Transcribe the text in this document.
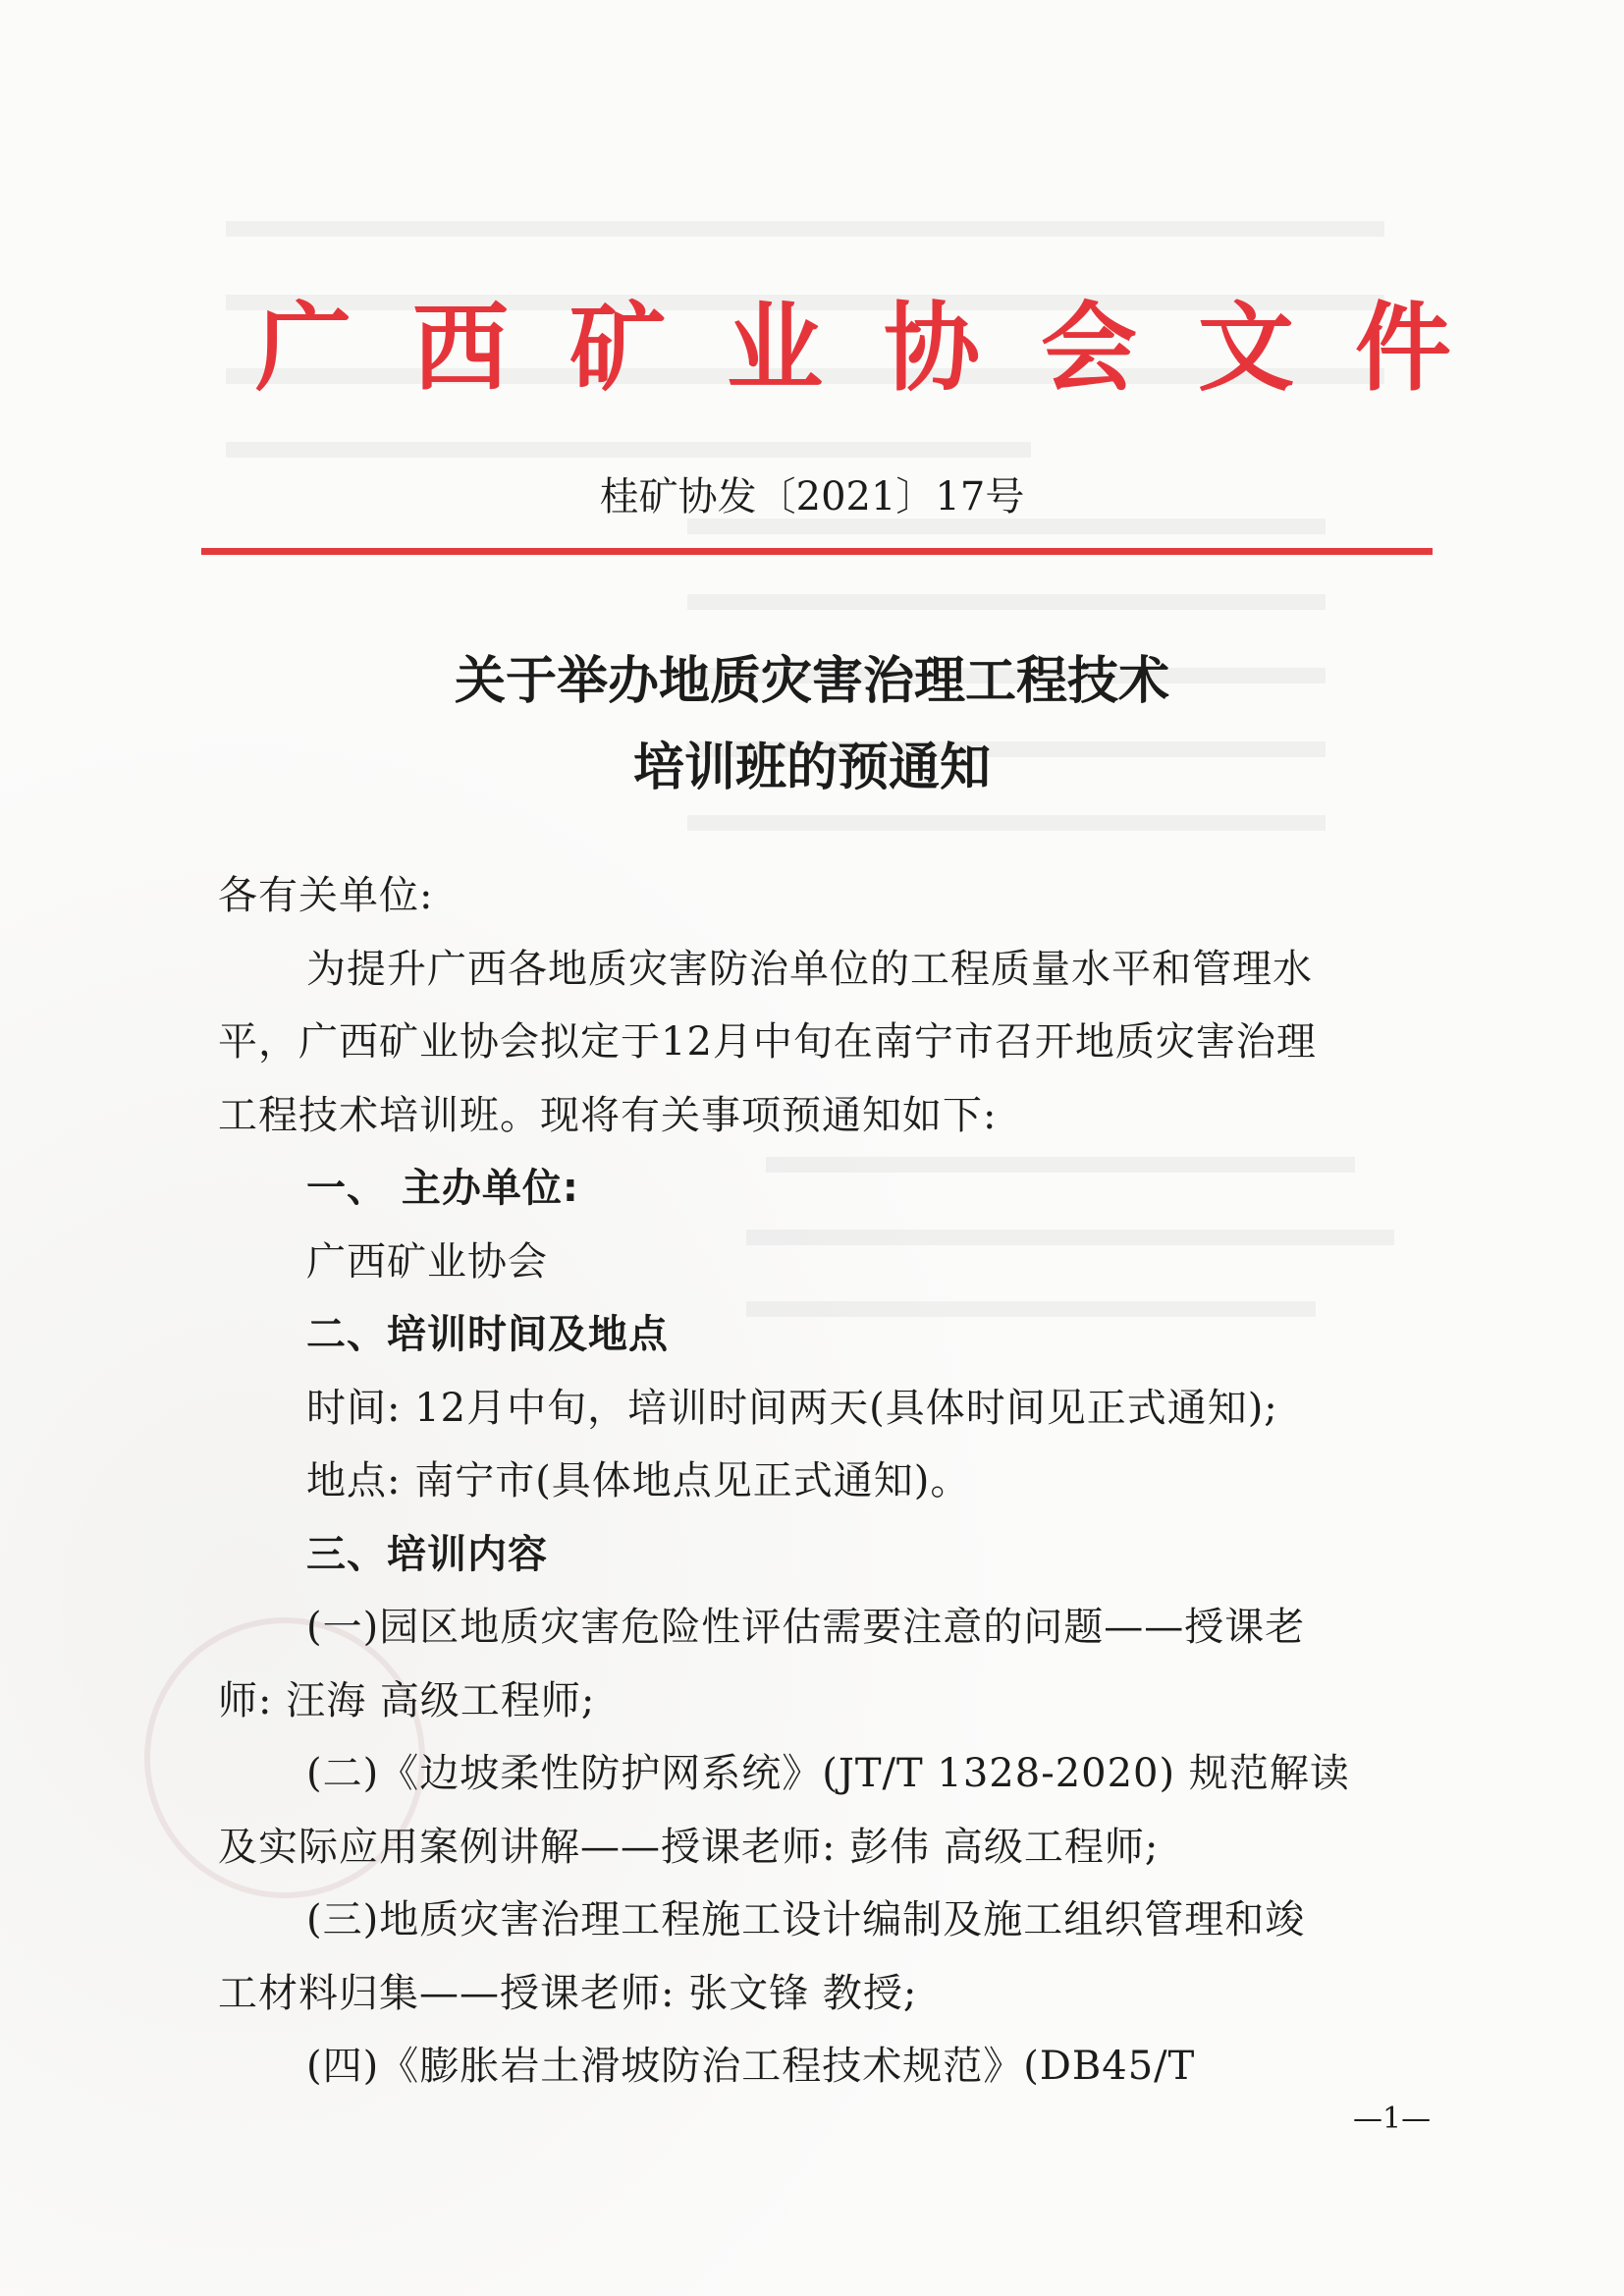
广西矿业协会文件
桂矿协发〔2021〕17号
关于举办地质灾害治理工程技术
培训班的预通知
各有关单位:
为提升广西各地质灾害防治单位的工程质量水平和管理水
平，广西矿业协会拟定于12月中旬在南宁市召开地质灾害治理
工程技术培训班。现将有关事项预通知如下:
一、 主办单位:
广西矿业协会
二、培训时间及地点
时间: 12月中旬，培训时间两天(具体时间见正式通知);
地点: 南宁市(具体地点见正式通知)。
三、培训内容
(一)园区地质灾害危险性评估需要注意的问题——授课老
师: 汪海 高级工程师;
(二)《边坡柔性防护网系统》(JT/T 1328-2020) 规范解读
及实际应用案例讲解——授课老师: 彭伟 高级工程师;
(三)地质灾害治理工程施工设计编制及施工组织管理和竣
工材料归集——授课老师: 张文锋 教授;
(四)《膨胀岩土滑坡防治工程技术规范》(DB45/T
—1—
